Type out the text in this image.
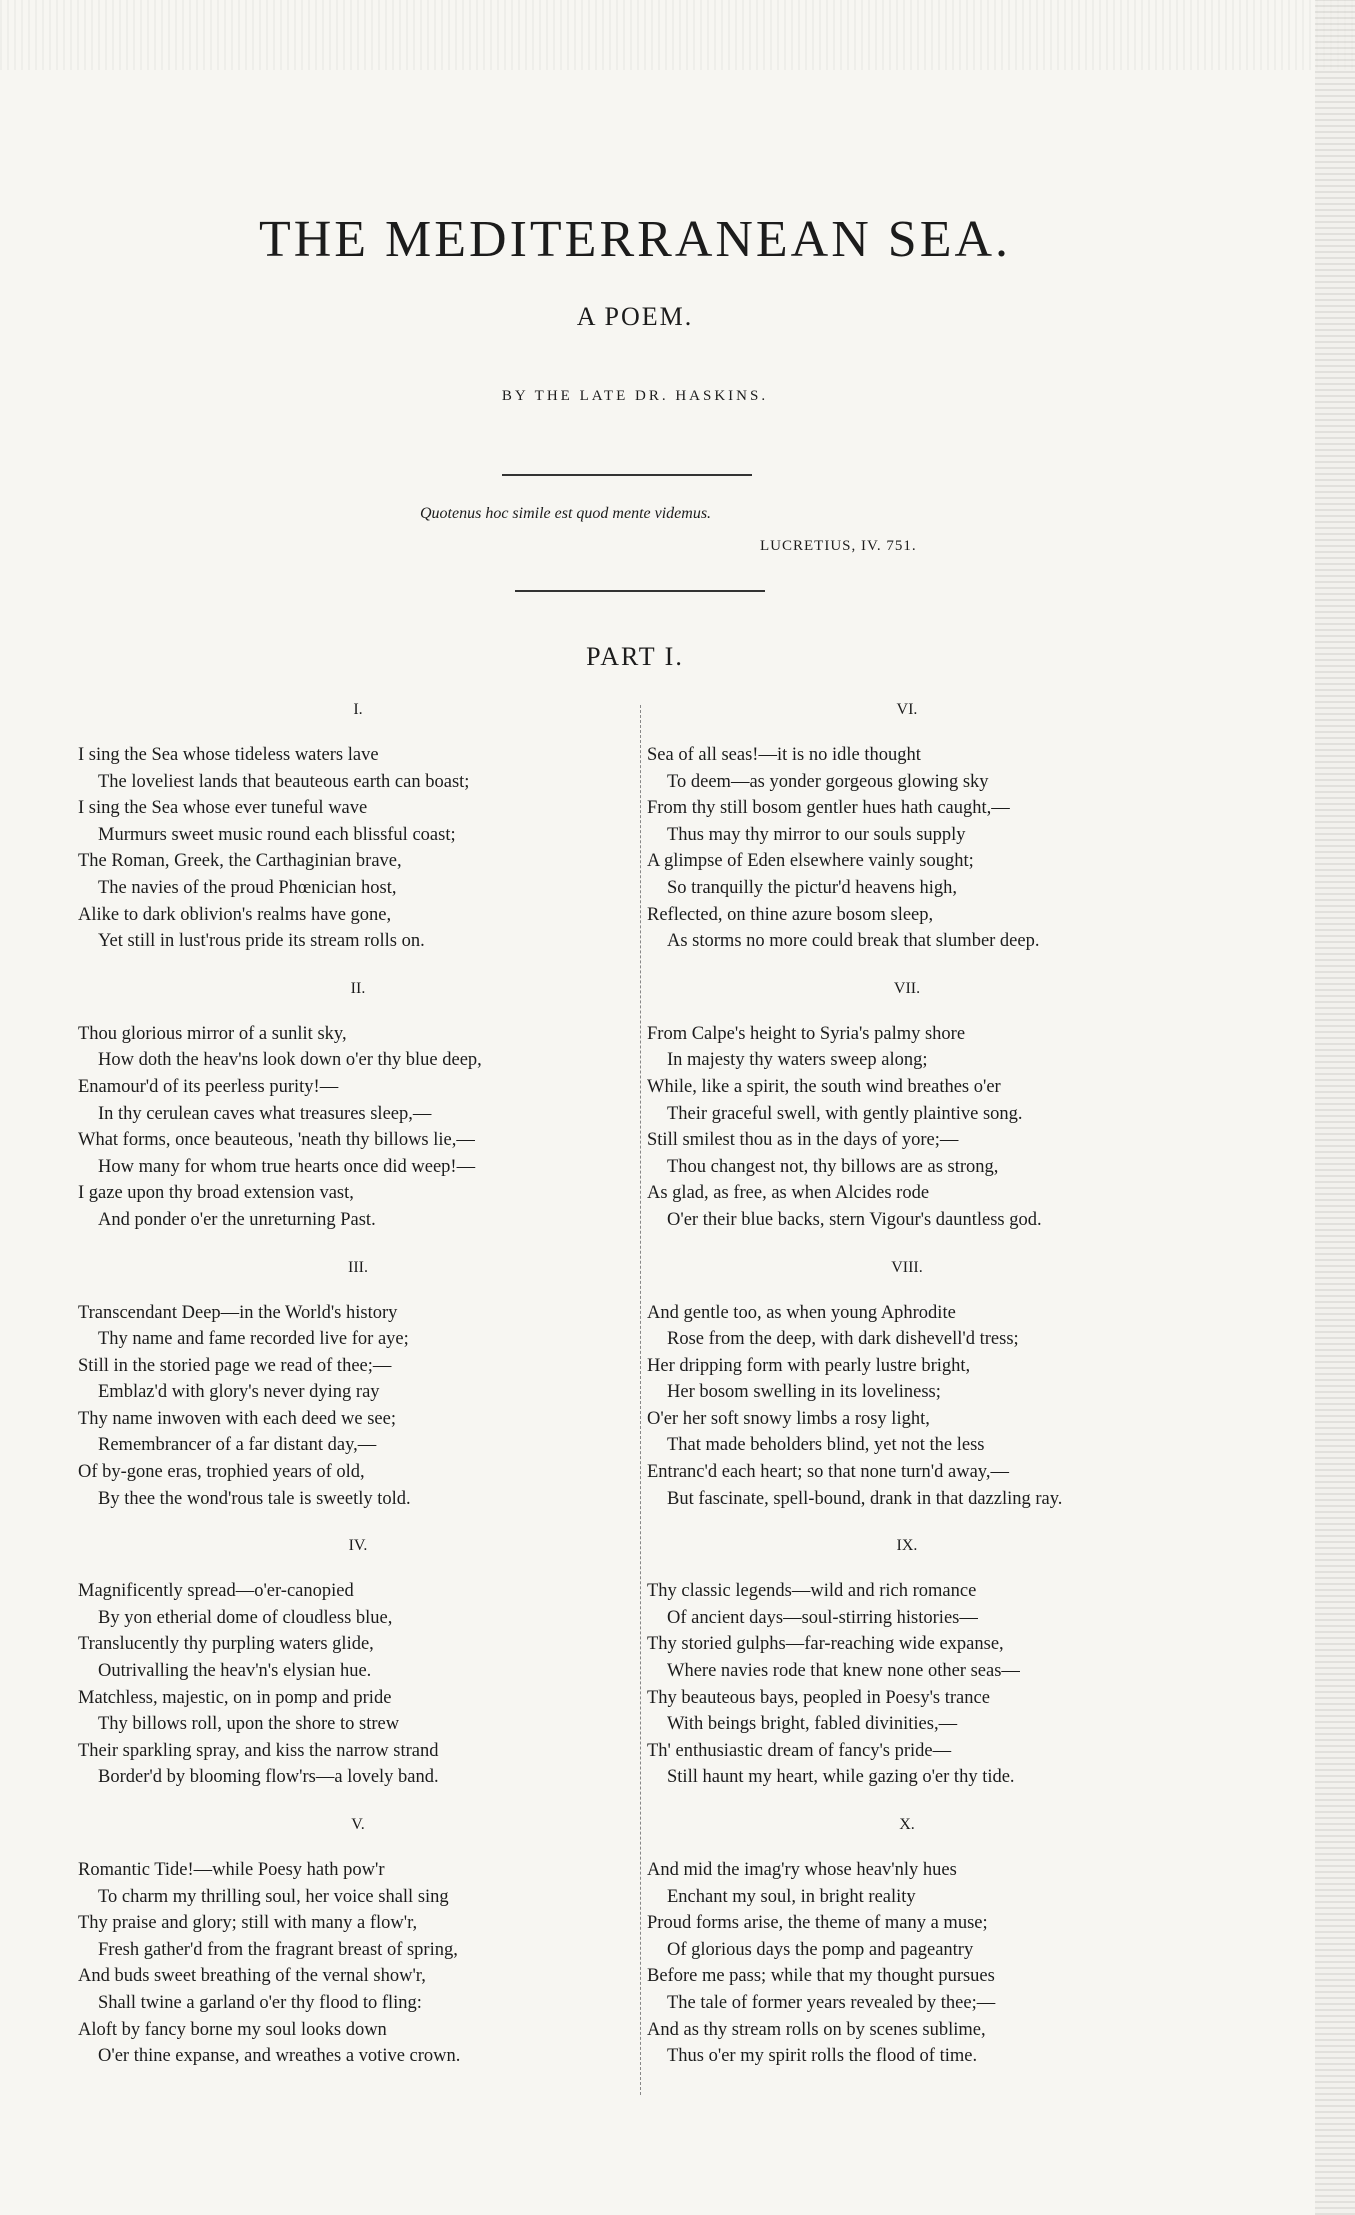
THE MEDITERRANEAN SEA.
A POEM.
BY THE LATE DR. HASKINS.
Quotenus hoc simile est quod mente videmus.
LUCRETIUS, IV. 751.
PART I.
I.
I sing the Sea whose tideless waters lave
The loveliest lands that beauteous earth can boast;
I sing the Sea whose ever tuneful wave
Murmurs sweet music round each blissful coast;
The Roman, Greek, the Carthaginian brave,
The navies of the proud Phœnician host,
Alike to dark oblivion's realms have gone,
Yet still in lust'rous pride its stream rolls on.
II.
Thou glorious mirror of a sunlit sky,
How doth the heav'ns look down o'er thy blue deep,
Enamour'd of its peerless purity!—
In thy cerulean caves what treasures sleep,—
What forms, once beauteous, 'neath thy billows lie,—
How many for whom true hearts once did weep!—
I gaze upon thy broad extension vast,
And ponder o'er the unreturning Past.
III.
Transcendant Deep—in the World's history
Thy name and fame recorded live for aye;
Still in the storied page we read of thee;—
Emblaz'd with glory's never dying ray
Thy name inwoven with each deed we see;
Remembrancer of a far distant day,—
Of by-gone eras, trophied years of old,
By thee the wond'rous tale is sweetly told.
IV.
Magnificently spread—o'er-canopied
By yon etherial dome of cloudless blue,
Translucently thy purpling waters glide,
Outrivalling the heav'n's elysian hue.
Matchless, majestic, on in pomp and pride
Thy billows roll, upon the shore to strew
Their sparkling spray, and kiss the narrow strand
Border'd by blooming flow'rs—a lovely band.
V.
Romantic Tide!—while Poesy hath pow'r
To charm my thrilling soul, her voice shall sing
Thy praise and glory; still with many a flow'r,
Fresh gather'd from the fragrant breast of spring,
And buds sweet breathing of the vernal show'r,
Shall twine a garland o'er thy flood to fling:
Aloft by fancy borne my soul looks down
O'er thine expanse, and wreathes a votive crown.
VI.
Sea of all seas!—it is no idle thought
To deem—as yonder gorgeous glowing sky
From thy still bosom gentler hues hath caught,—
Thus may thy mirror to our souls supply
A glimpse of Eden elsewhere vainly sought;
So tranquilly the pictur'd heavens high,
Reflected, on thine azure bosom sleep,
As storms no more could break that slumber deep.
VII.
From Calpe's height to Syria's palmy shore
In majesty thy waters sweep along;
While, like a spirit, the south wind breathes o'er
Their graceful swell, with gently plaintive song.
Still smilest thou as in the days of yore;—
Thou changest not, thy billows are as strong,
As glad, as free, as when Alcides rode
O'er their blue backs, stern Vigour's dauntless god.
VIII.
And gentle too, as when young Aphrodite
Rose from the deep, with dark dishevell'd tress;
Her dripping form with pearly lustre bright,
Her bosom swelling in its loveliness;
O'er her soft snowy limbs a rosy light,
That made beholders blind, yet not the less
Entranc'd each heart; so that none turn'd away,—
But fascinate, spell-bound, drank in that dazzling ray.
IX.
Thy classic legends—wild and rich romance
Of ancient days—soul-stirring histories—
Thy storied gulphs—far-reaching wide expanse,
Where navies rode that knew none other seas—
Thy beauteous bays, peopled in Poesy's trance
With beings bright, fabled divinities,—
Th' enthusiastic dream of fancy's pride—
Still haunt my heart, while gazing o'er thy tide.
X.
And mid the imag'ry whose heav'nly hues
Enchant my soul, in bright reality
Proud forms arise, the theme of many a muse;
Of glorious days the pomp and pageantry
Before me pass; while that my thought pursues
The tale of former years revealed by thee;—
And as thy stream rolls on by scenes sublime,
Thus o'er my spirit rolls the flood of time.
